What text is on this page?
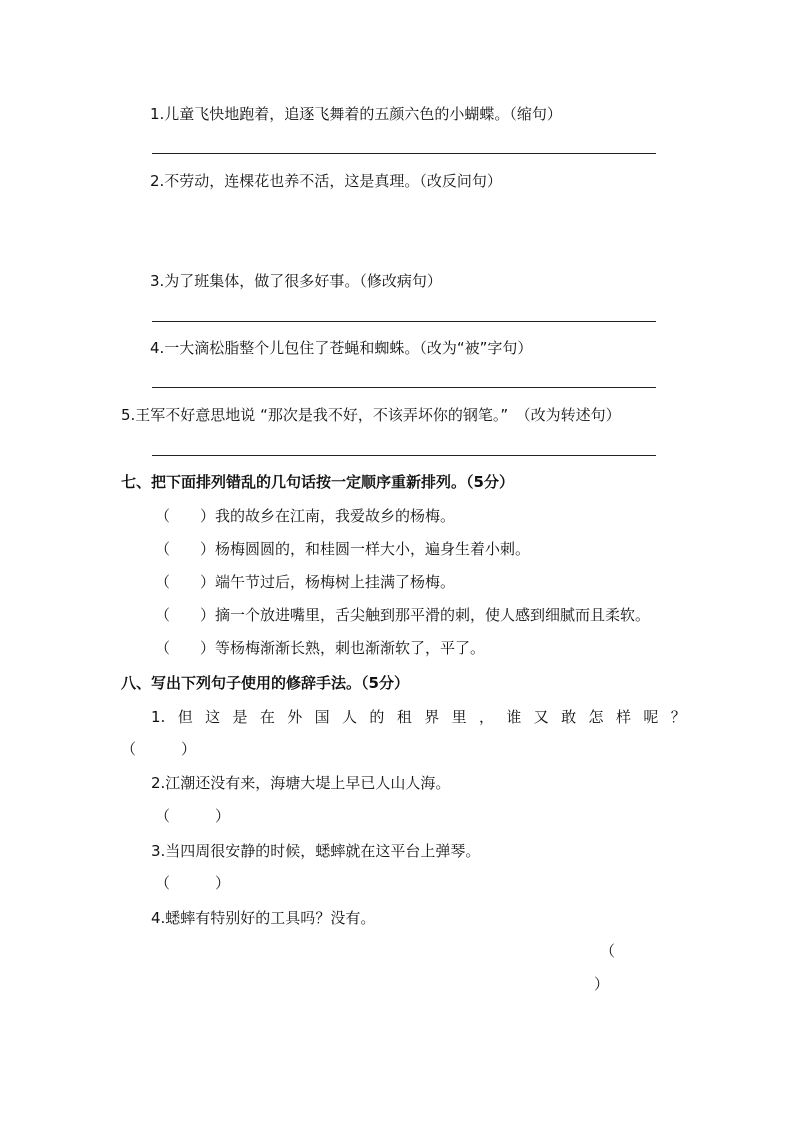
1.儿童飞快地跑着，追逐飞舞着的五颜六色的小蝴蝶。（缩句）
2.不劳动，连棵花也养不活，这是真理。（改反问句）
3.为了班集体，做了很多好事。（修改病句）
4.一大滴松脂整个儿包住了苍蝇和蜘蛛。（改为“被”字句）
5.王军不好意思地说 “那次是我不好，不该弄坏你的钢笔。”　（改为转述句）
七、把下面排列错乱的几句话按一定顺序重新排列。（5分）
（　　）我的故乡在江南，我爱故乡的杨梅。
（　　）杨梅圆圆的，和桂圆一样大小，遍身生着小刺。
（　　）端午节过后，杨梅树上挂满了杨梅。
（　　）摘一个放进嘴里，舌尖触到那平滑的刺，使人感到细腻而且柔软。
（　　）等杨梅渐渐长熟，刺也渐渐软了，平了。
八、写出下列句子使用的修辞手法。（5分）
1. 但 这 是 在 外 国 人 的 租 界 里 ， 谁 又 敢 怎 样 呢 ？
（　　　）
2.江潮还没有来，海塘大堤上早已人山人海。
（　　　）
3.当四周很安静的时候，蟋蟀就在这平台上弹琴。
（　　　）
4.蟋蟀有特别好的工具吗？没有。
（
）
